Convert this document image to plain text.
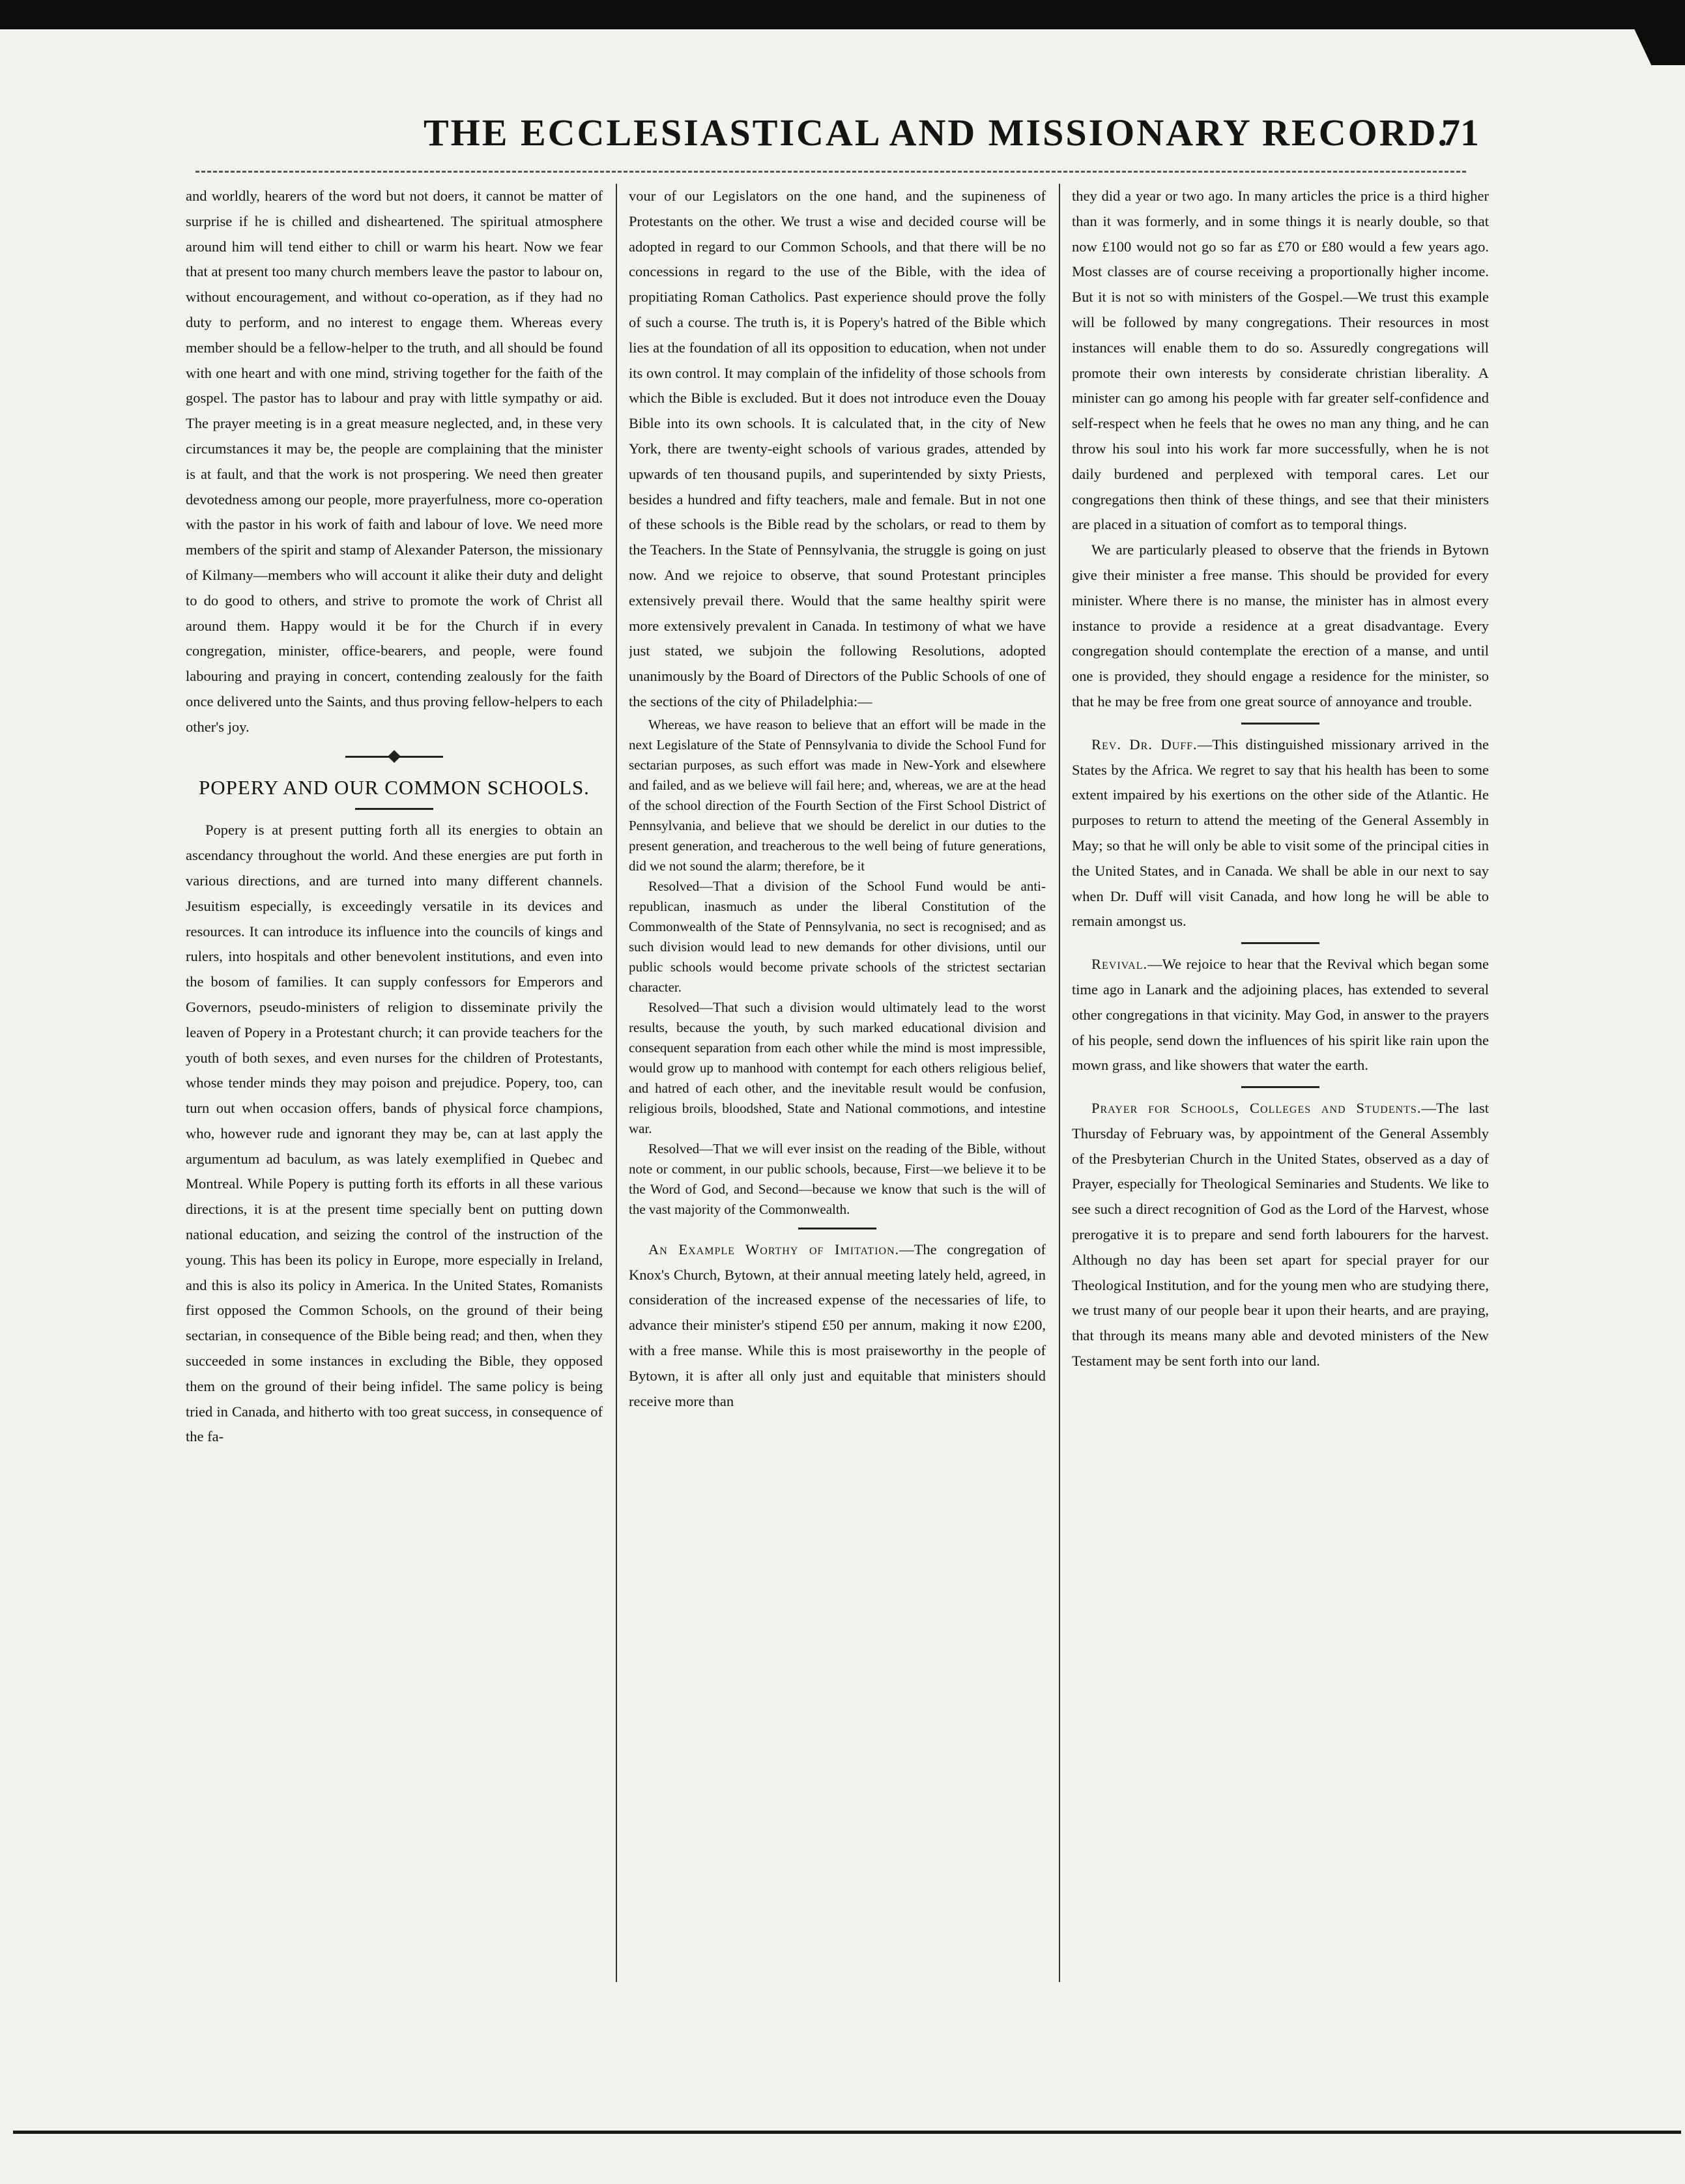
THE ECCLESIASTICAL AND MISSIONARY RECORD.
71

and worldly, hearers of the word but not doers, it cannot be matter of surprise if he is chilled and disheartened. The spiritual atmosphere around him will tend either to chill or warm his heart. Now we fear that at present too many church members leave the pastor to labour on, without encouragement, and without co-operation, as if they had no duty to perform, and no interest to engage them. Whereas every member should be a fellow-helper to the truth, and all should be found with one heart and with one mind, striving together for the faith of the gospel. The pastor has to labour and pray with little sympathy or aid. The prayer meeting is in a great measure neglected, and, in these very circumstances it may be, the people are complaining that the minister is at fault, and that the work is not prospering. We need then greater devotedness among our people, more prayerfulness, more co-operation with the pastor in his work of faith and labour of love. We need more members of the spirit and stamp of Alexander Paterson, the missionary of Kilmany—members who will account it alike their duty and delight to do good to others, and strive to promote the work of Christ all around them. Happy would it be for the Church if in every congregation, minister, office-bearers, and people, were found labouring and praying in concert, contending zealously for the faith once delivered unto the Saints, and thus proving fellow-helpers to each other's joy.

POPERY AND OUR COMMON SCHOOLS.

Popery is at present putting forth all its energies to obtain an ascendancy throughout the world. And these energies are put forth in various directions, and are turned into many different channels. Jesuitism especially, is exceedingly versatile in its devices and resources. It can introduce its influence into the councils of kings and rulers, into hospitals and other benevolent institutions, and even into the bosom of families. It can supply confessors for Emperors and Governors, pseudo-ministers of religion to disseminate privily the leaven of Popery in a Protestant church; it can provide teachers for the youth of both sexes, and even nurses for the children of Protestants, whose tender minds they may poison and prejudice. Popery, too, can turn out when occasion offers, bands of physical force champions, who, however rude and ignorant they may be, can at last apply the argumentum ad baculum, as was lately exemplified in Quebec and Montreal. While Popery is putting forth its efforts in all these various directions, it is at the present time specially bent on putting down national education, and seizing the control of the instruction of the young. This has been its policy in Europe, more especially in Ireland, and this is also its policy in America. In the United States, Romanists first opposed the Common Schools, on the ground of their being sectarian, in consequence of the Bible being read; and then, when they succeeded in some instances in excluding the Bible, they opposed them on the ground of their being infidel. The same policy is being tried in Canada, and hitherto with too great success, in consequence of the fa-

vour of our Legislators on the one hand, and the supineness of Protestants on the other. We trust a wise and decided course will be adopted in regard to our Common Schools, and that there will be no concessions in regard to the use of the Bible, with the idea of propitiating Roman Catholics. Past experience should prove the folly of such a course. The truth is, it is Popery's hatred of the Bible which lies at the foundation of all its opposition to education, when not under its own control. It may complain of the infidelity of those schools from which the Bible is excluded. But it does not introduce even the Douay Bible into its own schools. It is calculated that, in the city of New York, there are twenty-eight schools of various grades, attended by upwards of ten thousand pupils, and superintended by sixty Priests, besides a hundred and fifty teachers, male and female. But in not one of these schools is the Bible read by the scholars, or read to them by the Teachers. In the State of Pennsylvania, the struggle is going on just now. And we rejoice to observe, that sound Protestant principles extensively prevail there. Would that the same healthy spirit were more extensively prevalent in Canada. In testimony of what we have just stated, we subjoin the following Resolutions, adopted unanimously by the Board of Directors of the Public Schools of one of the sections of the city of Philadelphia:—

Whereas, we have reason to believe that an effort will be made in the next Legislature of the State of Pennsylvania to divide the School Fund for sectarian purposes, as such effort was made in New-York and elsewhere and failed, and as we believe will fail here; and, whereas, we are at the head of the school direction of the Fourth Section of the First School District of Pennsylvania, and believe that we should be derelict in our duties to the present generation, and treacherous to the well being of future generations, did we not sound the alarm; therefore, be it

Resolved—That a division of the School Fund would be anti-republican, inasmuch as under the liberal Constitution of the Commonwealth of the State of Pennsylvania, no sect is recognised; and as such division would lead to new demands for other divisions, until our public schools would become private schools of the strictest sectarian character.

Resolved—That such a division would ultimately lead to the worst results, because the youth, by such marked educational division and consequent separation from each other while the mind is most impressible, would grow up to manhood with contempt for each others religious belief, and hatred of each other, and the inevitable result would be confusion, religious broils, bloodshed, State and National commotions, and intestine war.

Resolved—That we will ever insist on the reading of the Bible, without note or comment, in our public schools, because, First—we believe it to be the Word of God, and Second—because we know that such is the will of the vast majority of the Commonwealth.

An Example Worthy of Imitation.—The congregation of Knox's Church, Bytown, at their annual meeting lately held, agreed, in consideration of the increased expense of the necessaries of life, to advance their minister's stipend £50 per annum, making it now £200, with a free manse. While this is most praiseworthy in the people of Bytown, it is after all only just and equitable that ministers should receive more than

they did a year or two ago. In many articles the price is a third higher than it was formerly, and in some things it is nearly double, so that now £100 would not go so far as £70 or £80 would a few years ago. Most classes are of course receiving a proportionally higher income. But it is not so with ministers of the Gospel.—We trust this example will be followed by many congregations. Their resources in most instances will enable them to do so. Assuredly congregations will promote their own interests by considerate christian liberality. A minister can go among his people with far greater self-confidence and self-respect when he feels that he owes no man any thing, and he can throw his soul into his work far more successfully, when he is not daily burdened and perplexed with temporal cares. Let our congregations then think of these things, and see that their ministers are placed in a situation of comfort as to temporal things.

We are particularly pleased to observe that the friends in Bytown give their minister a free manse. This should be provided for every minister. Where there is no manse, the minister has in almost every instance to provide a residence at a great disadvantage. Every congregation should contemplate the erection of a manse, and until one is provided, they should engage a residence for the minister, so that he may be free from one great source of annoyance and trouble.

Rev. Dr. Duff.—This distinguished missionary arrived in the States by the Africa. We regret to say that his health has been to some extent impaired by his exertions on the other side of the Atlantic. He purposes to return to attend the meeting of the General Assembly in May; so that he will only be able to visit some of the principal cities in the United States, and in Canada. We shall be able in our next to say when Dr. Duff will visit Canada, and how long he will be able to remain amongst us.

Revival.—We rejoice to hear that the Revival which began some time ago in Lanark and the adjoining places, has extended to several other congregations in that vicinity. May God, in answer to the prayers of his people, send down the influences of his spirit like rain upon the mown grass, and like showers that water the earth.

Prayer for Schools, Colleges and Students.—The last Thursday of February was, by appointment of the General Assembly of the Presbyterian Church in the United States, observed as a day of Prayer, especially for Theological Seminaries and Students. We like to see such a direct recognition of God as the Lord of the Harvest, whose prerogative it is to prepare and send forth labourers for the harvest. Although no day has been set apart for special prayer for our Theological Institution, and for the young men who are studying there, we trust many of our people bear it upon their hearts, and are praying, that through its means many able and devoted ministers of the New Testament may be sent forth into our land.
